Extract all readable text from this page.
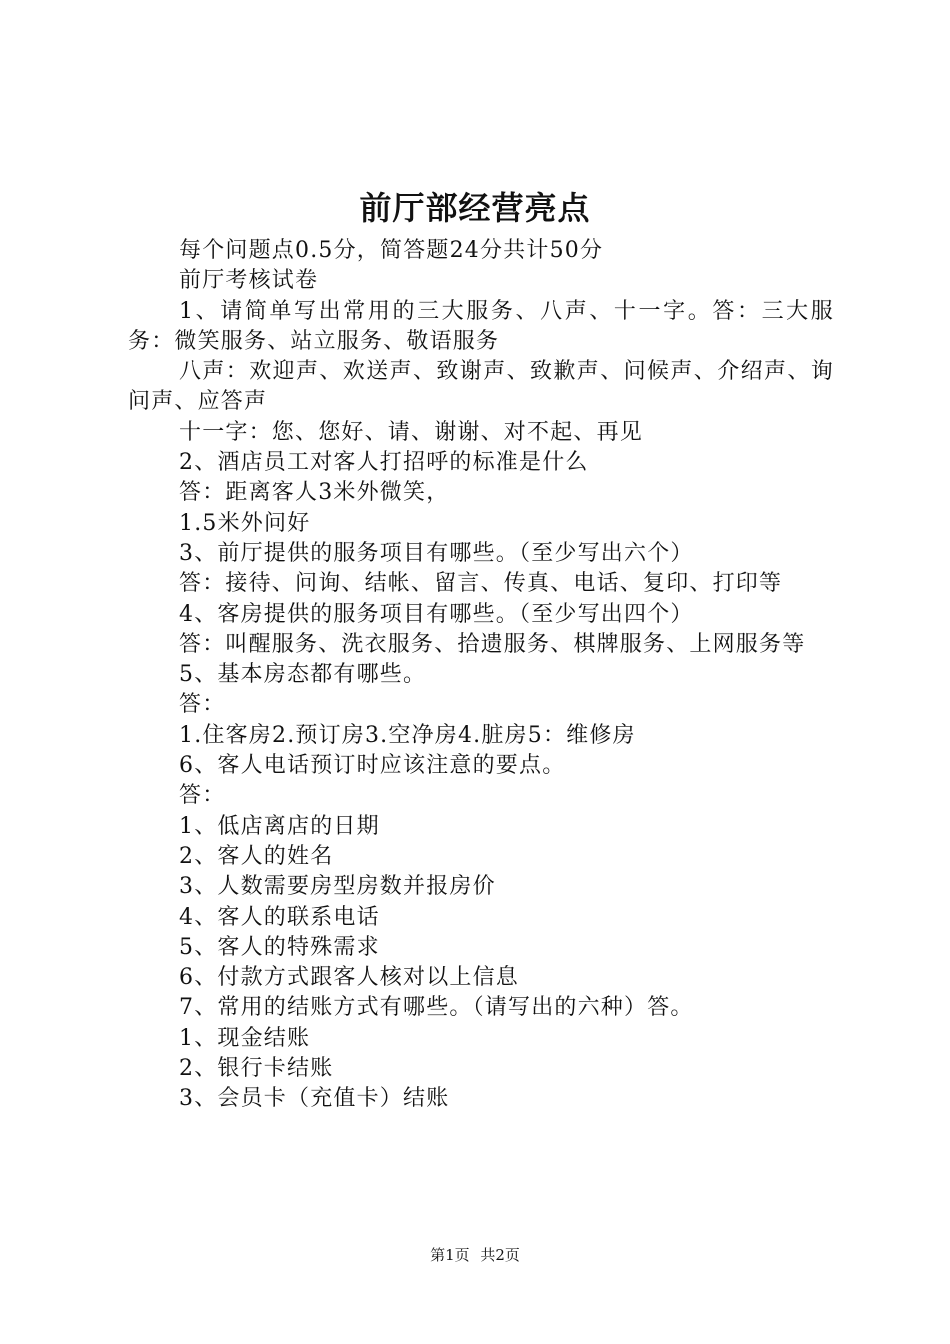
前厅部经营亮点

每个问题点0.5分，简答题24分共计50分

前厅考核试卷

1、请简单写出常用的三大服务、八声、十一字。答：三大服务：微笑服务、站立服务、敬语服务

八声：欢迎声、欢送声、致谢声、致歉声、问候声、介绍声、询问声、应答声

十一字：您、您好、请、谢谢、对不起、再见

2、酒店员工对客人打招呼的标准是什么

答：距离客人3米外微笑，

1.5米外问好

3、前厅提供的服务项目有哪些。（至少写出六个）

答：接待、问询、结帐、留言、传真、电话、复印、打印等

4、客房提供的服务项目有哪些。（至少写出四个）

答：叫醒服务、洗衣服务、拾遗服务、棋牌服务、上网服务等

5、基本房态都有哪些。

答：

1.住客房2.预订房3.空净房4.脏房5：维修房

6、客人电话预订时应该注意的要点。

答：

1、低店离店的日期

2、客人的姓名

3、人数需要房型房数并报房价

4、客人的联系电话

5、客人的特殊需求

6、付款方式跟客人核对以上信息

7、常用的结账方式有哪些。（请写出的六种）答。

1、现金结账

2、银行卡结账

3、会员卡（充值卡）结账

第1页 共2页
